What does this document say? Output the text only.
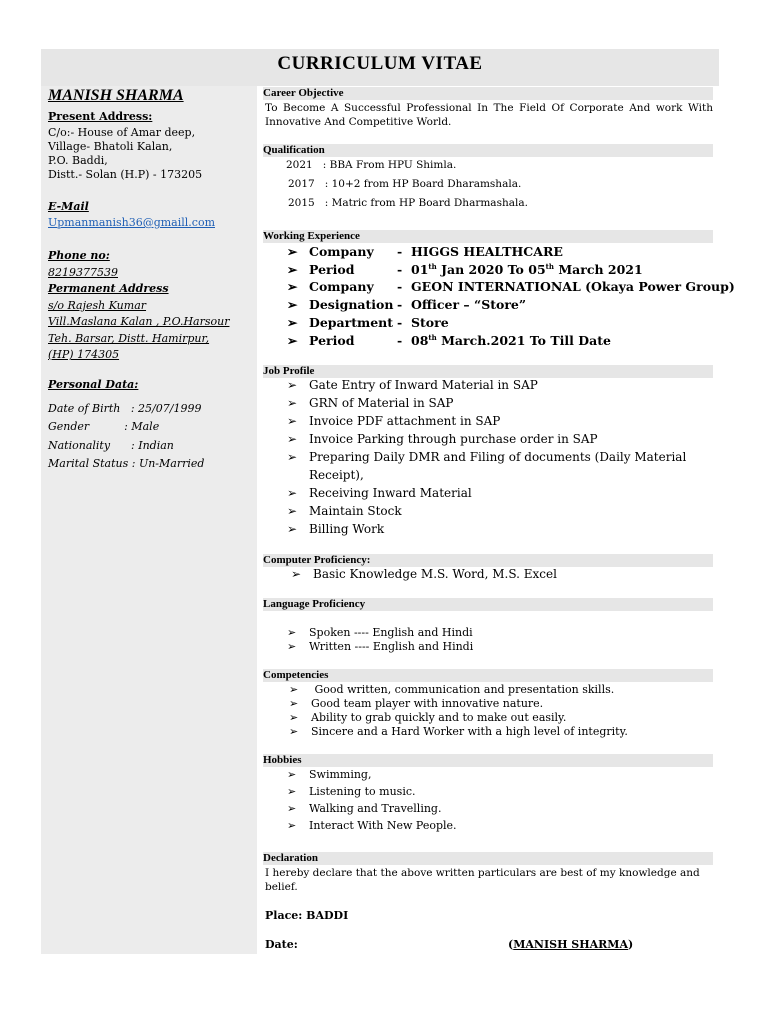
CURRICULUM VITAE
MANISH SHARMA
Present Address:
C/o:- House of Amar deep,
Village- Bhatoli Kalan,
P.O. Baddi,
Distt.- Solan (H.P) - 173205
E-Mail
Upmanmanish36@gmaill.com
Phone no:
8219377539
Permanent Address
s/o Rajesh Kumar
Vill.Maslana Kalan , P.O.Harsour
Teh. Barsar, Distt. Hamirpur,
(HP) 174305
Personal Data:
Date of Birth   : 25/07/1999
Gender          : Male
Nationality      : Indian
Marital Status : Un-Married
Career Objective
To Become A Successful Professional In The Field Of Corporate And work With Innovative And Competitive World.
Qualification
2021   : BBA From HPU Shimla.
2017   : 10+2 from HP Board Dharamshala.
2015   : Matric from HP Board Dharmashala.
Working Experience
➢ Company - HIGGS HEALTHCARE
➢ Period	- 01th Jan 2020 To 05th March 2021
➢ Company - GEON INTERNATIONAL (Okaya Power Group)
➢ Designation - Officer – “Store”
➢ Department - Store
➢ Period	- 08th March.2021 To Till Date
Job Profile
➢ Gate Entry of Inward Material in SAP
➢ GRN of Material in SAP
➢ Invoice PDF attachment in SAP
➢ Invoice Parking through purchase order in SAP
➢ Preparing Daily DMR and Filing of documents (Daily Material
Receipt),
➢ Receiving Inward Material
➢ Maintain Stock
➢ Billing Work
Computer Proficiency:
➢ Basic Knowledge M.S. Word, M.S. Excel
Language Proficiency
➢ Spoken ---- English and Hindi
➢ Written ---- English and Hindi
Competencies
➢ Good written, communication and presentation skills.
➢ Good team player with innovative nature.
➢ Ability to grab quickly and to make out easily.
➢ Sincere and a Hard Worker with a high level of integrity.
Hobbies
➢ Swimming,
➢ Listening to music.
➢ Walking and Travelling.
➢ Interact With New People.
Declaration
I hereby declare that the above written particulars are best of my knowledge and belief.
Place: BADDI
Date:	(MANISH SHARMA)
